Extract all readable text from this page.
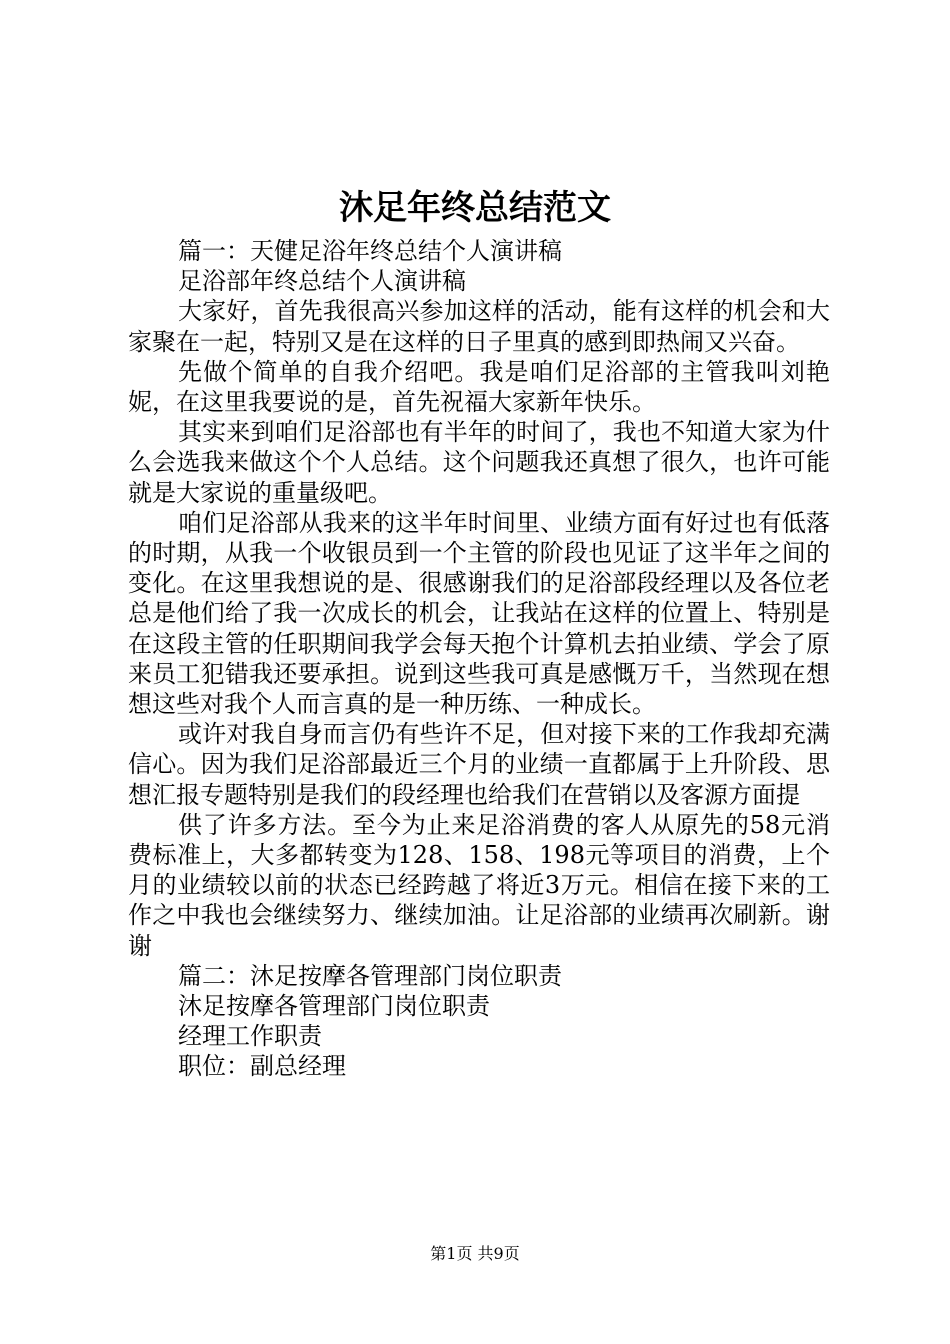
沐足年终总结范文

篇一：天健足浴年终总结个人演讲稿

足浴部年终总结个人演讲稿

大家好，首先我很高兴参加这样的活动，能有这样的机会和大家聚在一起，特别又是在这样的日子里真的感到即热闹又兴奋。

先做个简单的自我介绍吧。我是咱们足浴部的主管我叫刘艳妮，在这里我要说的是，首先祝福大家新年快乐。

其实来到咱们足浴部也有半年的时间了，我也不知道大家为什么会选我来做这个个人总结。这个问题我还真想了很久，也许可能就是大家说的重量级吧。

咱们足浴部从我来的这半年时间里、业绩方面有好过也有低落的时期，从我一个收银员到一个主管的阶段也见证了这半年之间的变化。在这里我想说的是、很感谢我们的足浴部段经理以及各位老总是他们给了我一次成长的机会，让我站在这样的位置上、特别是在这段主管的任职期间我学会每天抱个计算机去拍业绩、学会了原来员工犯错我还要承担。说到这些我可真是感慨万千，当然现在想想这些对我个人而言真的是一种历练、一种成长。

或许对我自身而言仍有些许不足，但对接下来的工作我却充满信心。因为我们足浴部最近三个月的业绩一直都属于上升阶段、思想汇报专题特别是我们的段经理也给我们在营销以及客源方面提

供了许多方法。至今为止来足浴消费的客人从原先的58元消费标准上，大多都转变为128、158、198元等项目的消费，上个月的业绩较以前的状态已经跨越了将近3万元。相信在接下来的工作之中我也会继续努力、继续加油。让足浴部的业绩再次刷新。谢谢

篇二：沐足按摩各管理部门岗位职责

沐足按摩各管理部门岗位职责

经理工作职责

职位：副总经理

第1页 共9页
